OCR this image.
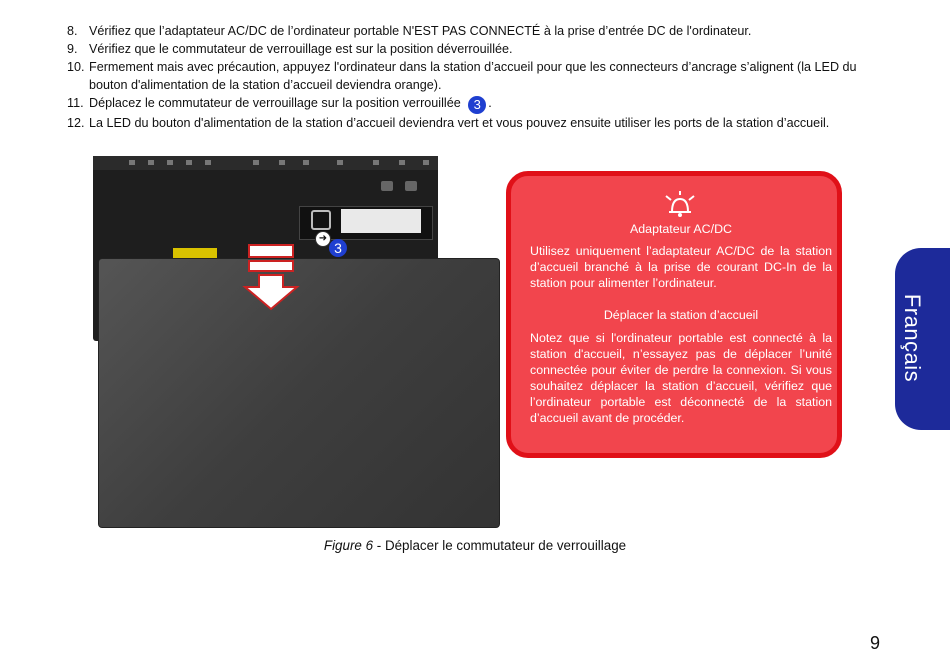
8. Vérifiez que l’adaptateur AC/DC de l’ordinateur portable N'EST PAS CONNECTÉ à la prise d’entrée DC de l'ordinateur.
9. Vérifiez que le commutateur de verrouillage est sur la position déverrouillée.
10. Fermement mais avec précaution, appuyez l'ordinateur dans la station d’accueil pour que les connecteurs d’ancrage s’alignent (la LED du bouton d'alimentation de la station d’accueil deviendra orange).
11. Déplacez le commutateur de verrouillage sur la position verrouillée 3 .
12. La LED du bouton d'alimentation de la station d’accueil deviendra vert et vous pouvez ensuite utiliser les ports de la station d’accueil.
➜
3

Adaptateur AC/DC

Utilisez uniquement l’adaptateur AC/DC de la station d’accueil branché à la prise de courant DC-In de la station pour alimenter l’ordinateur.

Déplacer la station d’accueil

Notez que si l'ordinateur portable est connecté à la station d'accueil, n’essayez pas de déplacer l’unité connectée pour éviter de perdre la connexion. Si vous souhaitez déplacer la station d’accueil, vérifiez que l’ordinateur portable est déconnecté de la station d’accueil avant de procéder.

Figure 6 - Déplacer le commutateur de verrouillage
Français
9
